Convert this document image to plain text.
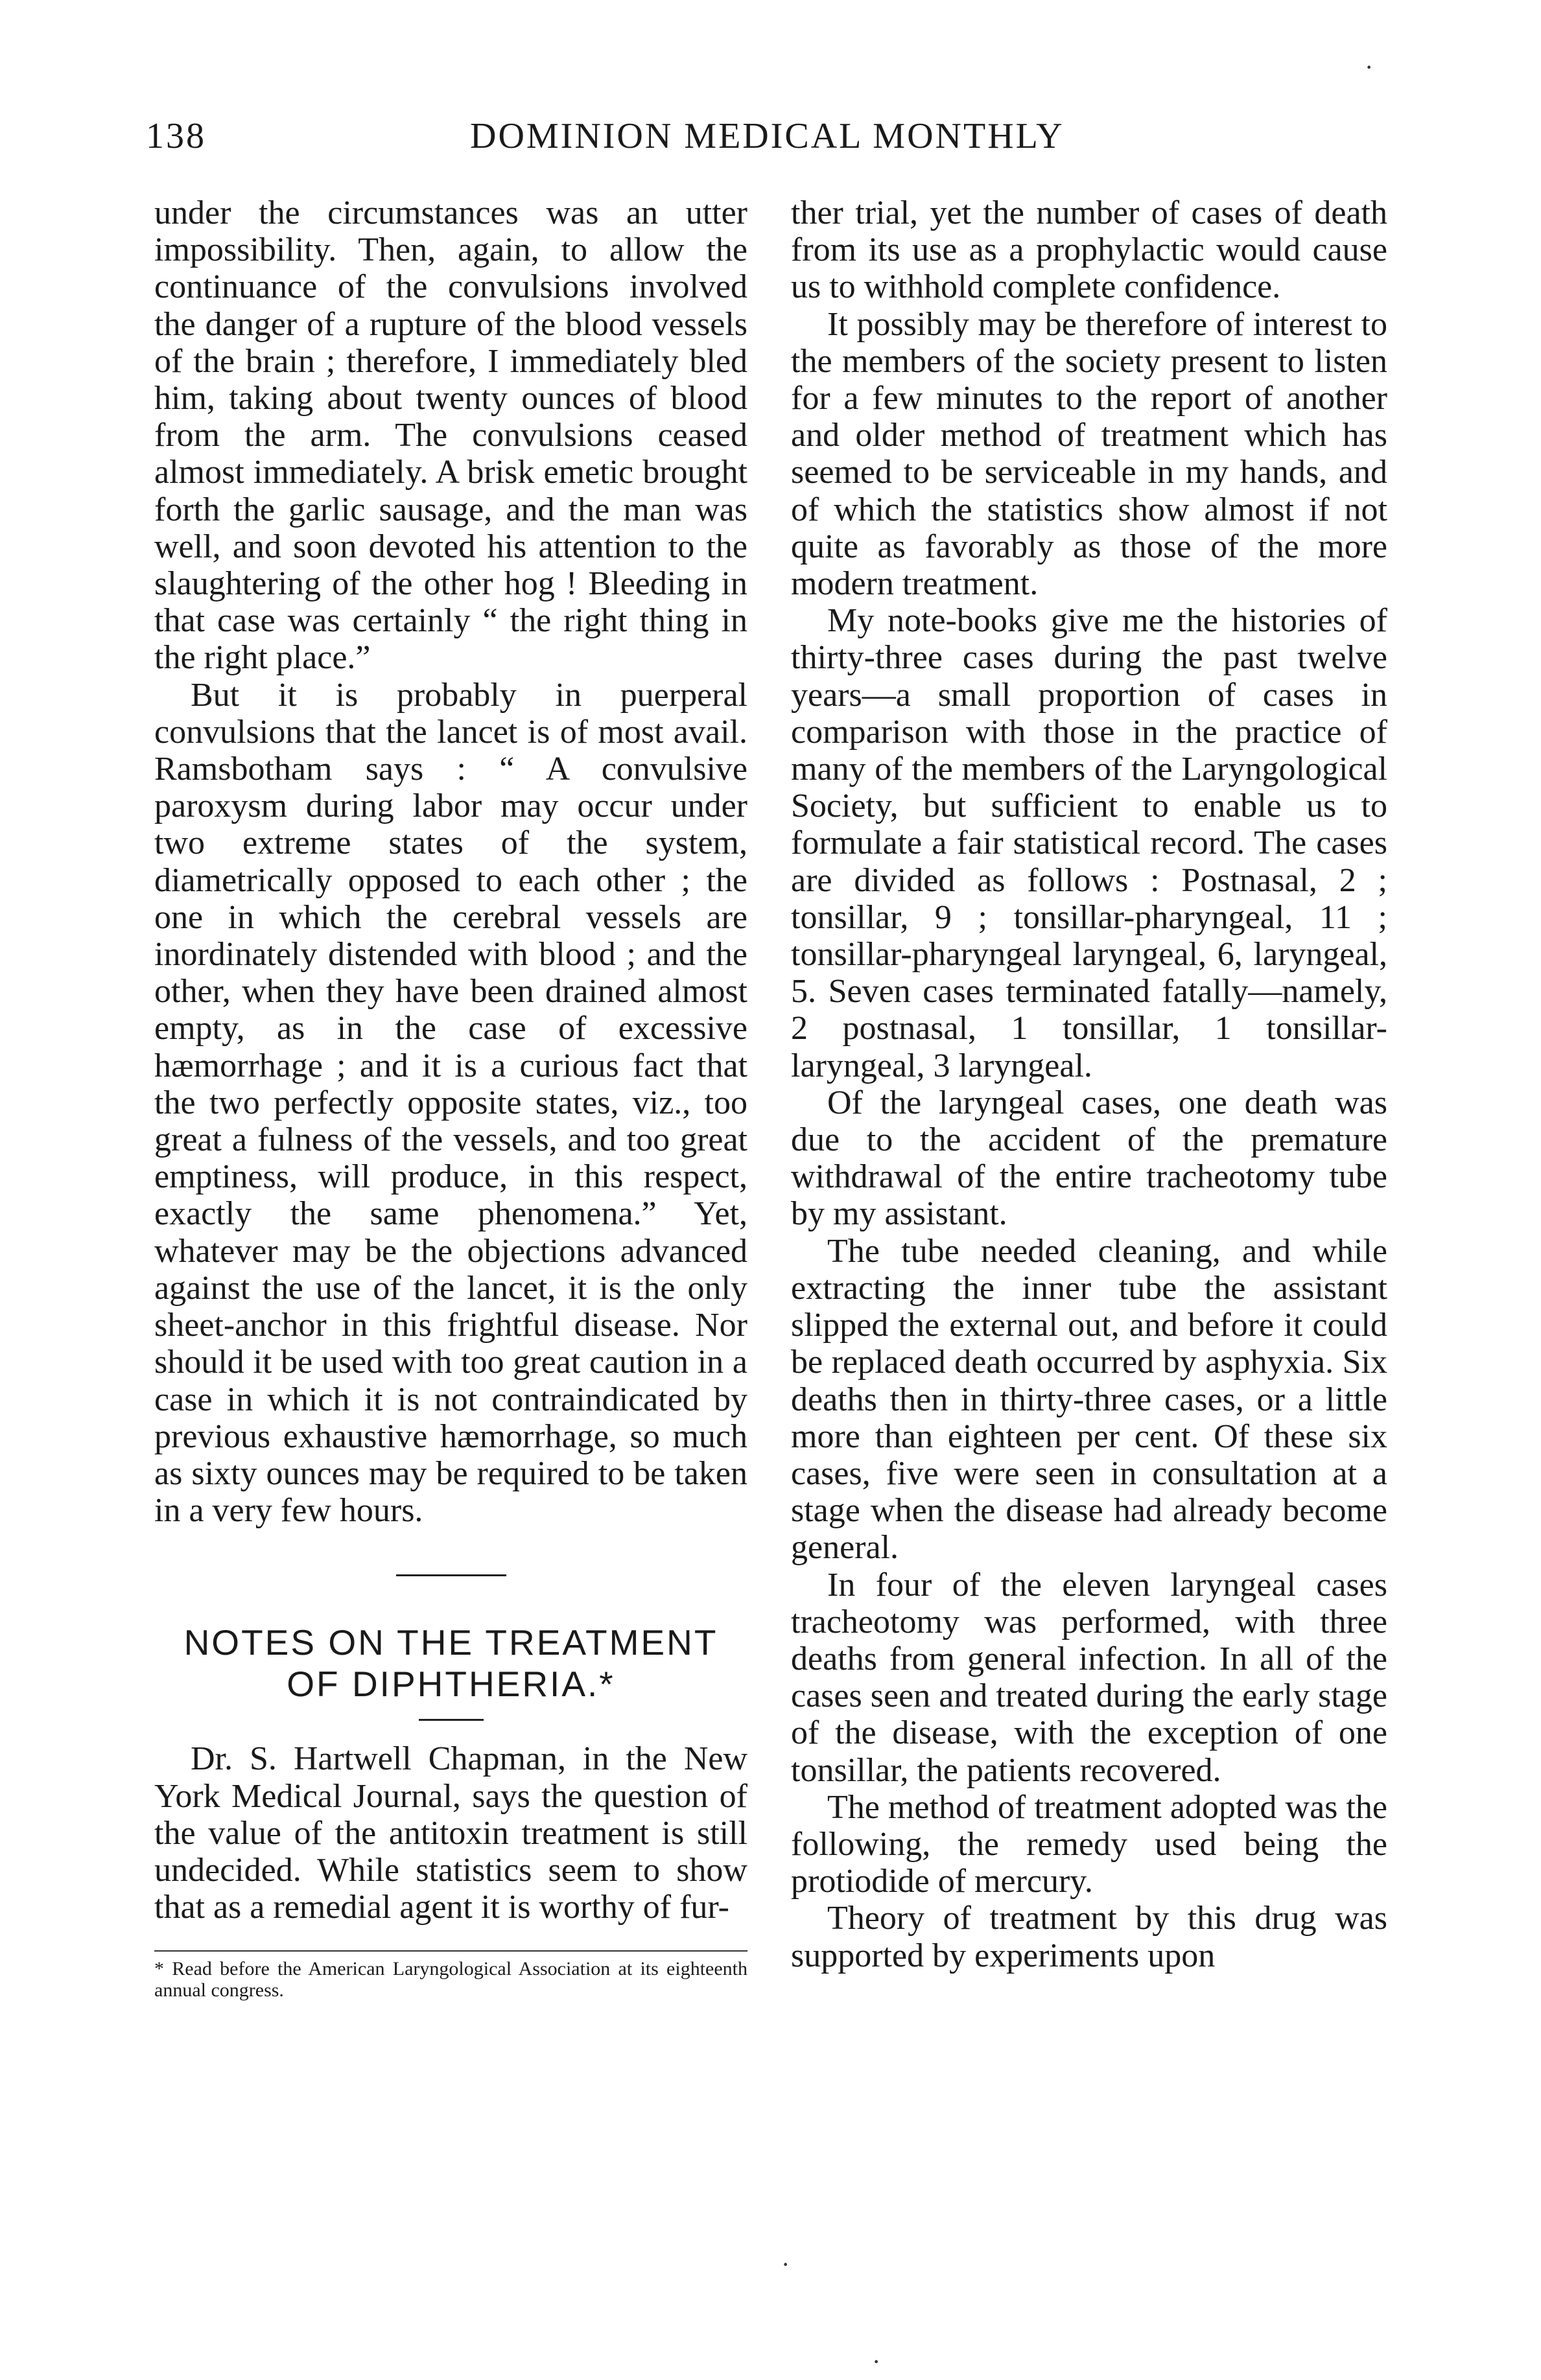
138	DOMINION MEDICAL MONTHLY

under the circumstances was an utter impossibility. Then, again, to allow the continuance of the convulsions involved the danger of a rupture of the blood vessels of the brain ; therefore, I immediately bled him, taking about twenty ounces of blood from the arm. The convulsions ceased almost immediately. A brisk emetic brought forth the garlic sausage, and the man was well, and soon devoted his attention to the slaughtering of the other hog ! Bleeding in that case was certainly “ the right thing in the right place.”

But it is probably in puerperal convulsions that the lancet is of most avail. Ramsbotham says : “ A convulsive paroxysm during labor may occur under two extreme states of the system, diametrically opposed to each other ; the one in which the cerebral vessels are inordinately distended with blood ; and the other, when they have been drained almost empty, as in the case of excessive hæmorrhage ; and it is a curious fact that the two perfectly opposite states, viz., too great a fulness of the vessels, and too great emptiness, will produce, in this respect, exactly the same phenomena.” Yet, whatever may be the objections advanced against the use of the lancet, it is the only sheet-anchor in this frightful disease. Nor should it be used with too great caution in a case in which it is not contraindicated by previous exhaustive hæmorrhage, so much as sixty ounces may be required to be taken in a very few hours.

NOTES ON THE TREATMENT OF DIPHTHERIA.*

Dr. S. Hartwell Chapman, in the New York Medical Journal, says the question of the value of the antitoxin treatment is still undecided. While statistics seem to show that as a remedial agent it is worthy of fur-

* Read before the American Laryngological Association at its eighteenth annual congress.

ther trial, yet the number of cases of death from its use as a prophylactic would cause us to withhold complete confidence.

It possibly may be therefore of interest to the members of the society present to listen for a few minutes to the report of another and older method of treatment which has seemed to be serviceable in my hands, and of which the statistics show almost if not quite as favorably as those of the more modern treatment.

My note-books give me the histories of thirty-three cases during the past twelve years—a small proportion of cases in comparison with those in the practice of many of the members of the Laryngological Society, but sufficient to enable us to formulate a fair statistical record. The cases are divided as follows : Postnasal, 2 ; tonsillar, 9 ; tonsillar-pharyngeal, 11 ; tonsillar-pharyngeal laryngeal, 6, laryngeal, 5. Seven cases terminated fatally—namely, 2 postnasal, 1 tonsillar, 1 tonsillar-laryngeal, 3 laryngeal.

Of the laryngeal cases, one death was due to the accident of the premature withdrawal of the entire tracheotomy tube by my assistant.

The tube needed cleaning, and while extracting the inner tube the assistant slipped the external out, and before it could be replaced death occurred by asphyxia. Six deaths then in thirty-three cases, or a little more than eighteen per cent. Of these six cases, five were seen in consultation at a stage when the disease had already become general.

In four of the eleven laryngeal cases tracheotomy was performed, with three deaths from general infection. In all of the cases seen and treated during the early stage of the disease, with the exception of one tonsillar, the patients recovered.

The method of treatment adopted was the following, the remedy used being the protiodide of mercury.

Theory of treatment by this drug was supported by experiments upon

·
·
·
